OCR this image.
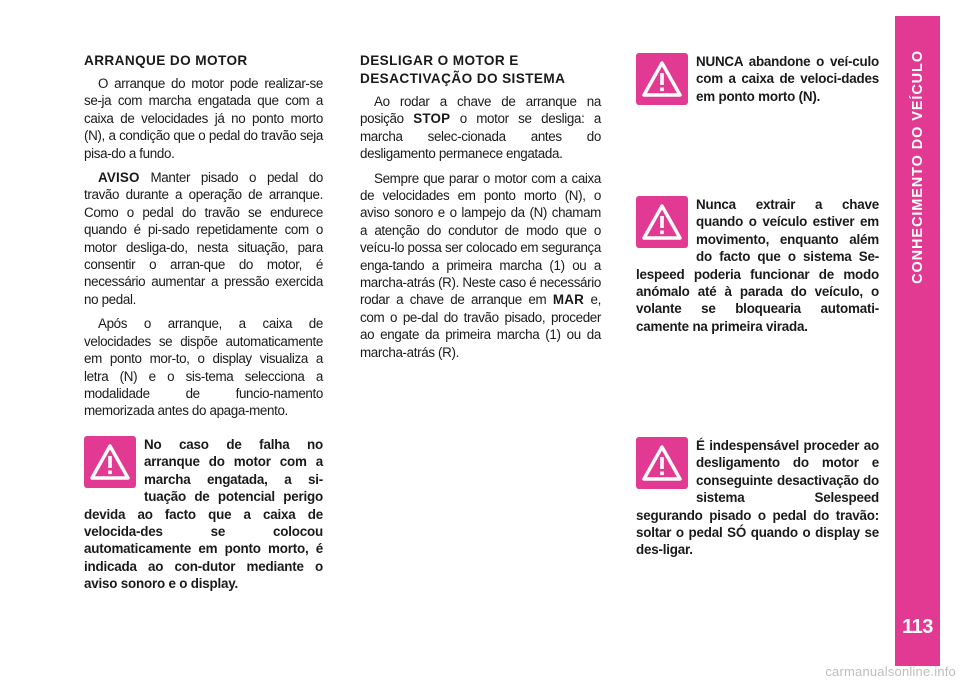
ARRANQUE DO MOTOR

O arranque do motor pode realizar-se se-ja com marcha engatada que com a caixa de velocidades já no ponto morto (N), a condição que o pedal do travão seja pisa-do a fundo.

AVISO Manter pisado o pedal do travão durante a operação de arranque. Como o pedal do travão se endurece quando é pi-sado repetidamente com o motor desliga-do, nesta situação, para consentir o arran-que do motor, é necessário aumentar a pressão exercida no pedal.

Após o arranque, a caixa de velocidades se dispõe automaticamente em ponto mor-to, o display visualiza a letra (N) e o sis-tema selecciona a modalidade de funcio-namento memorizada antes do apaga-mento.

DESLIGAR O MOTOR E DESACTIVAÇÃO DO SISTEMA

Ao rodar a chave de arranque na posição STOP o motor se desliga: a marcha selec-cionada antes do desligamento permanece engatada.

Sempre que parar o motor com a caixa de velocidades em ponto morto (N), o aviso sonoro e o lampejo da (N) chamam a atenção do condutor de modo que o veícu-lo possa ser colocado em segurança enga-tando a primeira marcha (1) ou a marcha-atrás (R). Neste caso é necessário rodar a chave de arranque em MAR e, com o pe-dal do travão pisado, proceder ao engate da primeira marcha (1) ou da marcha-atrás (R).

No caso de falha no arranque do motor com a marcha engatada, a si-tuação de potencial perigo devida ao facto que a caixa de velocida-des se colocou automaticamente em ponto morto, é indicada ao con-dutor mediante o aviso sonoro e o display.

NUNCA abandone o veí-culo com a caixa de veloci-dades em ponto morto (N).

Nunca extrair a chave quando o veículo estiver em movimento, enquanto além do facto que o sistema Se-lespeed poderia funcionar de modo anómalo até à parada do veículo, o volante se bloquearia automati-camente na primeira virada.

É indespensável proceder ao desligamento do motor e conseguinte desactivação do sistema Selespeed segurando pisado o pedal do travão: soltar o pedal SÓ quando o display se des-ligar.

CONHECIMENTO DO VEÍCULO
113
carmanualsonline.info
